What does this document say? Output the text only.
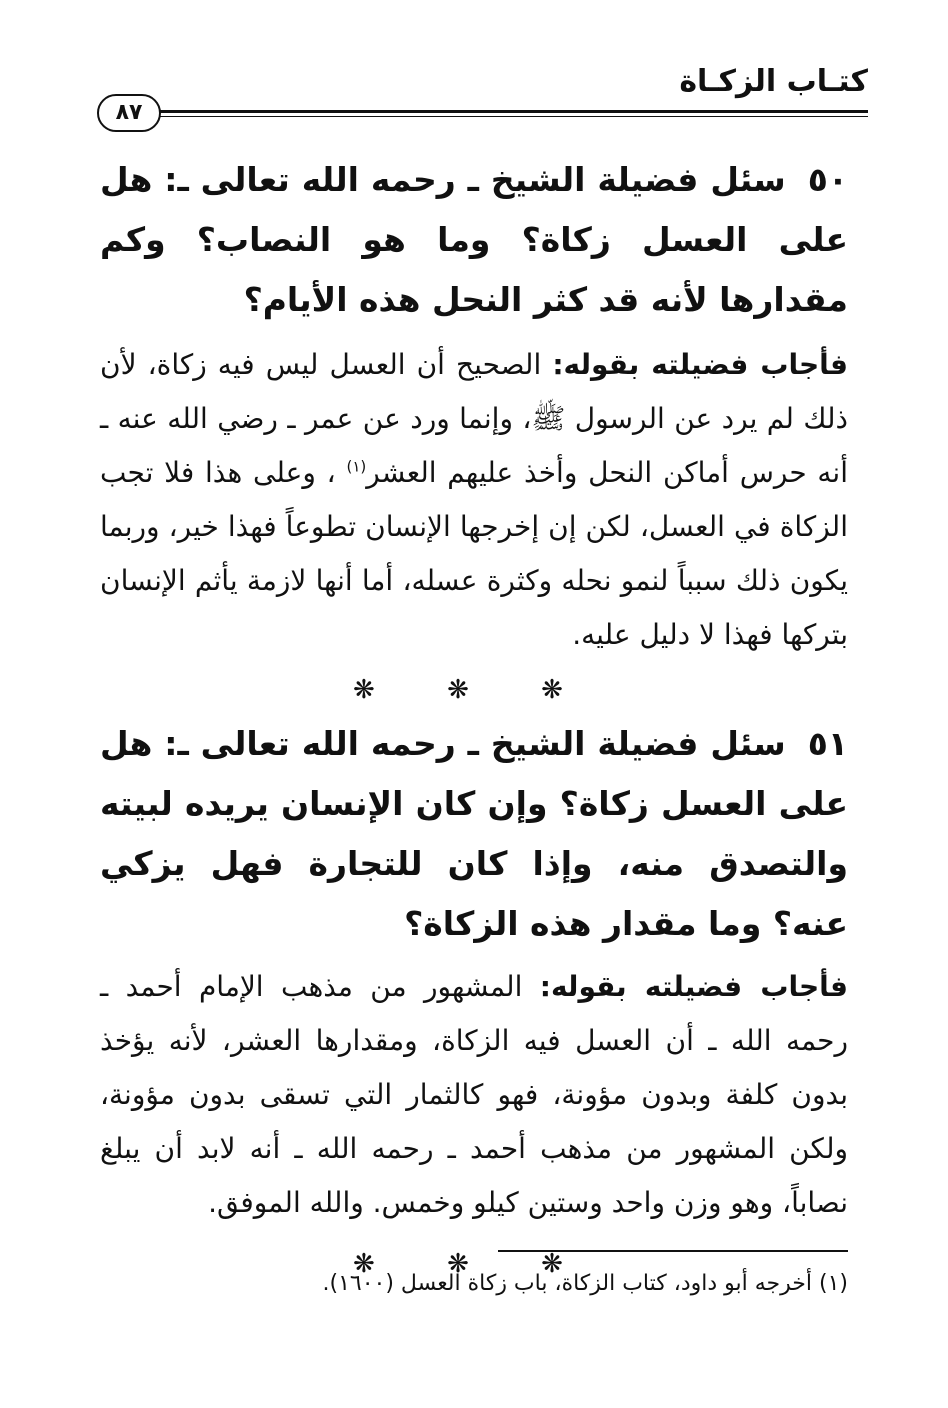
كتـاب الزكـاة
٨٧

٥٠سئل فضيلة الشيخ ـ رحمه الله تعالى ـ: هل على العسل زكاة؟ وما هو النصاب؟ وكم مقدارها لأنه قد كثر النحل هذه الأيام؟

فأجاب فضيلته بقوله: الصحيح أن العسل ليس فيه زكاة، لأن ذلك لم يرد عن الرسول ﷺ، وإنما ورد عن عمر ـ رضي الله عنه ـ أنه حرس أماكن النحل وأخذ عليهم العشر$^{(١)}$ ، وعلى هذا فلا تجب الزكاة في العسل، لكن إن إخرجها الإنسان تطوعاً فهذا خير، وربما يكون ذلك سبباً لنمو نحله وكثرة عسله، أما أنها لازمة يأثم الإنسان بتركها فهذا لا دليل عليه.

❋ ❋ ❋

٥١سئل فضيلة الشيخ ـ رحمه الله تعالى ـ: هل على العسل زكاة؟ وإن كان الإنسان يريده لبيته والتصدق منه، وإذا كان للتجارة فهل يزكي عنه؟ وما مقدار هذه الزكاة؟

فأجاب فضيلته بقوله: المشهور من مذهب الإمام أحمد ـ رحمه الله ـ أن العسل فيه الزكاة، ومقدارها العشر، لأنه يؤخذ بدون كلفة وبدون مؤونة، فهو كالثمار التي تسقى بدون مؤونة، ولكن المشهور من مذهب أحمد ـ رحمه الله ـ أنه لابد أن يبلغ نصاباً، وهو وزن واحد وستين كيلو وخمس. والله الموفق.

❋ ❋ ❋
(١) أخرجه أبو داود، كتاب الزكاة، باب زكاة العسل (١٦٠٠).
